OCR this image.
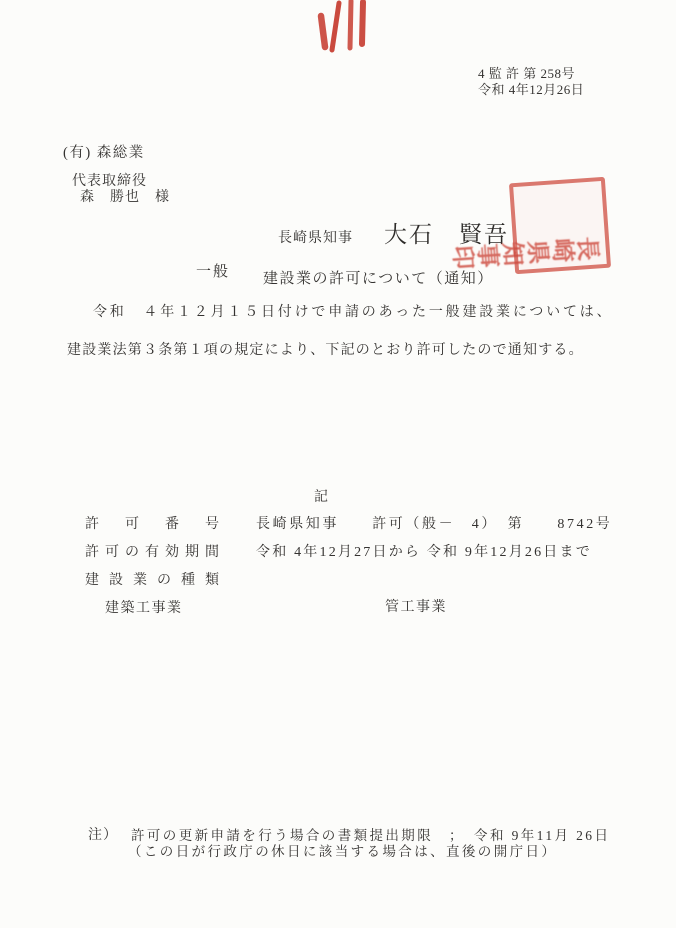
4 監 許 第 258号
令和 4年12月26日
(有) 森総業
代表取締役
森　勝也　様
長崎県知事 大石　賢吾 長崎県知事印
一般 建設業の許可について（通知）
令和　４年１２月１５日付けで申請のあった一般建設業については、
建設業法第３条第１項の規定により、下記のとおり許可したので通知する。
記
許可番号	長崎県知事　　許可（般－　4）　第　　8742号
許可の有効期間	令和 4年12月27日から 令和 9年12月26日まで
建設業の種類
建築工事業	管工事業
注） 許可の更新申請を行う場合の書類提出期限　；　令和 9年11月 26日
（この日が行政庁の休日に該当する場合は、直後の開庁日）
